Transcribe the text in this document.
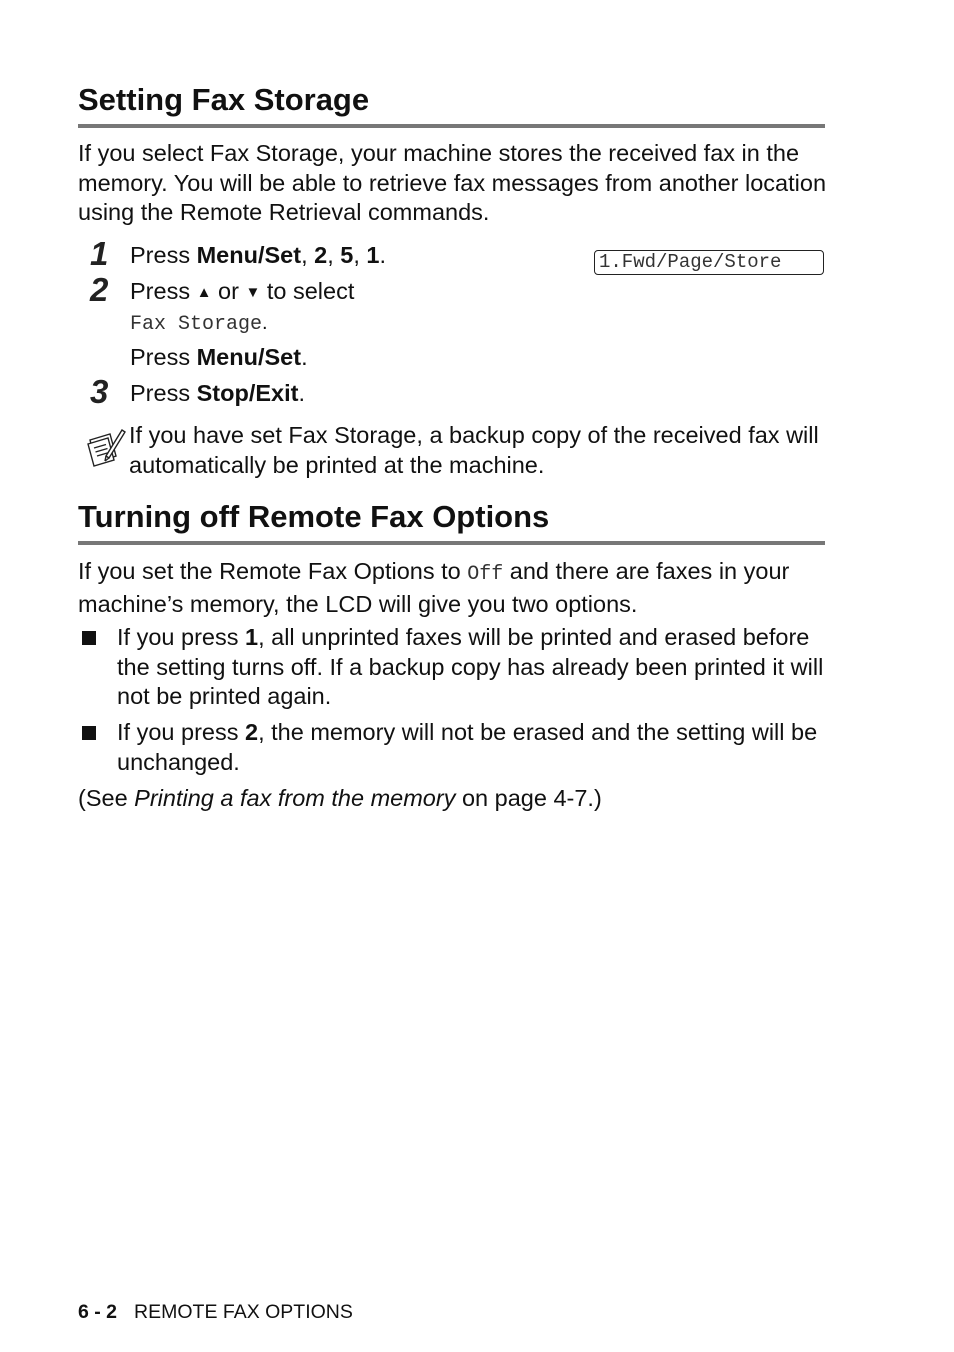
Setting Fax Storage
If you select Fax Storage, your machine stores the received fax in the memory. You will be able to retrieve fax messages from another location using the Remote Retrieval commands.
1 Press Menu/Set, 2, 5, 1.	1.Fwd/Page/Store
2 Press ▲ or ▼ to select
Fax Storage.
Press Menu/Set.
3 Press Stop/Exit.
If you have set Fax Storage, a backup copy of the received fax will automatically be printed at the machine.
Turning off Remote Fax Options
If you set the Remote Fax Options to Off and there are faxes in your machine’s memory, the LCD will give you two options.
If you press 1, all unprinted faxes will be printed and erased before the setting turns off. If a backup copy has already been printed it will not be printed again.
If you press 2, the memory will not be erased and the setting will be unchanged.
(See Printing a fax from the memory on page 4-7.)
6 - 2 REMOTE FAX OPTIONS
